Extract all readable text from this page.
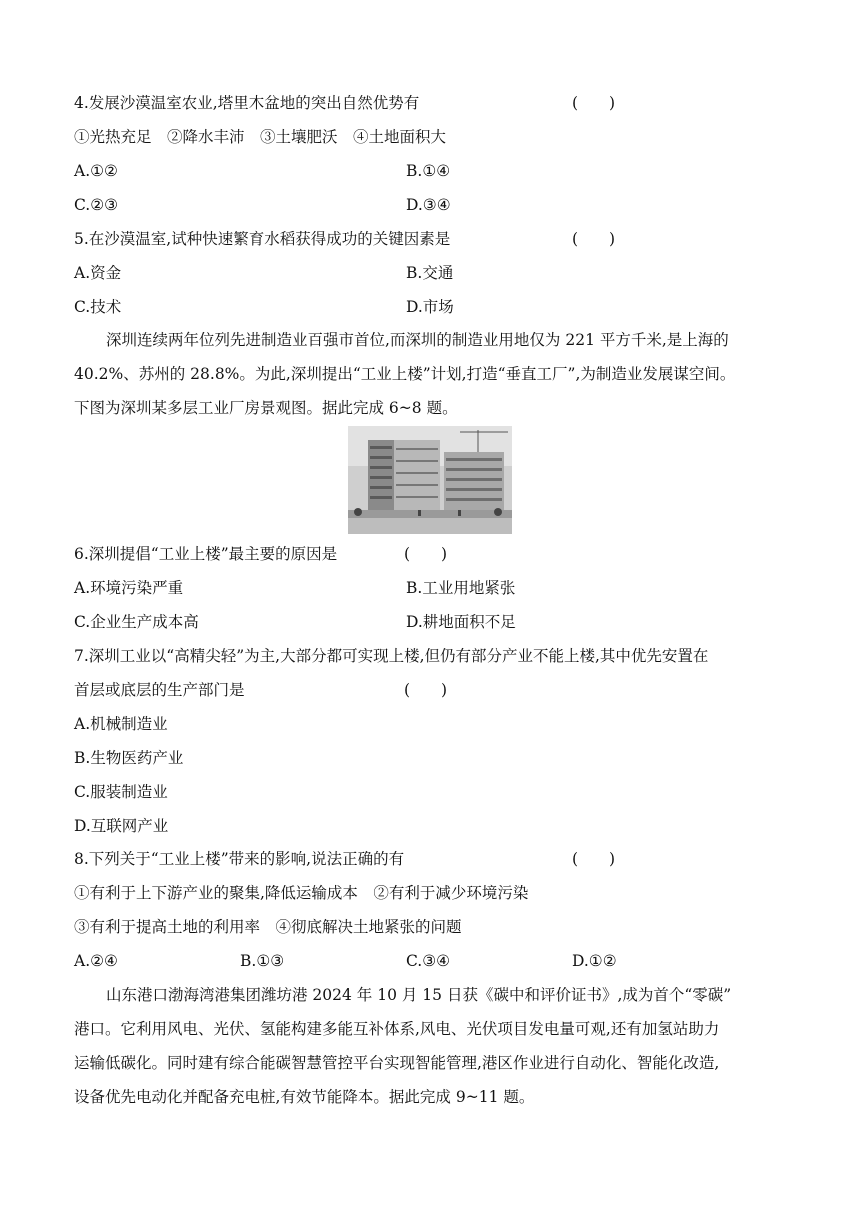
4.发展沙漠温室农业,塔里木盆地的突出自然优势有	(　　)
①光热充足　②降水丰沛　③土壤肥沃　④土地面积大
A.①②	B.①④
C.②③	D.③④
5.在沙漠温室,试种快速繁育水稻获得成功的关键因素是	(　　)
A.资金	B.交通
C.技术	D.市场
深圳连续两年位列先进制造业百强市首位,而深圳的制造业用地仅为 221 平方千米,是上海的
40.2%、苏州的 28.8%。为此,深圳提出“工业上楼”计划,打造“垂直工厂”,为制造业发展谋空间。
下图为深圳某多层工业厂房景观图。据此完成 6~8 题。
6.深圳提倡“工业上楼”最主要的原因是	(　　)
A.环境污染严重	B.工业用地紧张
C.企业生产成本高	D.耕地面积不足
7.深圳工业以“高精尖轻”为主,大部分都可实现上楼,但仍有部分产业不能上楼,其中优先安置在
首层或底层的生产部门是	(　　)
A.机械制造业
B.生物医药产业
C.服装制造业
D.互联网产业
8.下列关于“工业上楼”带来的影响,说法正确的有	(　　)
①有利于上下游产业的聚集,降低运输成本　②有利于减少环境污染
③有利于提高土地的利用率　④彻底解决土地紧张的问题
A.②④	B.①③	C.③④	D.①②
山东港口渤海湾港集团潍坊港 2024 年 10 月 15 日获《碳中和评价证书》,成为首个“零碳”
港口。它利用风电、光伏、氢能构建多能互补体系,风电、光伏项目发电量可观,还有加氢站助力
运输低碳化。同时建有综合能碳智慧管控平台实现智能管理,港区作业进行自动化、智能化改造,
设备优先电动化并配备充电桩,有效节能降本。据此完成 9~11 题。
